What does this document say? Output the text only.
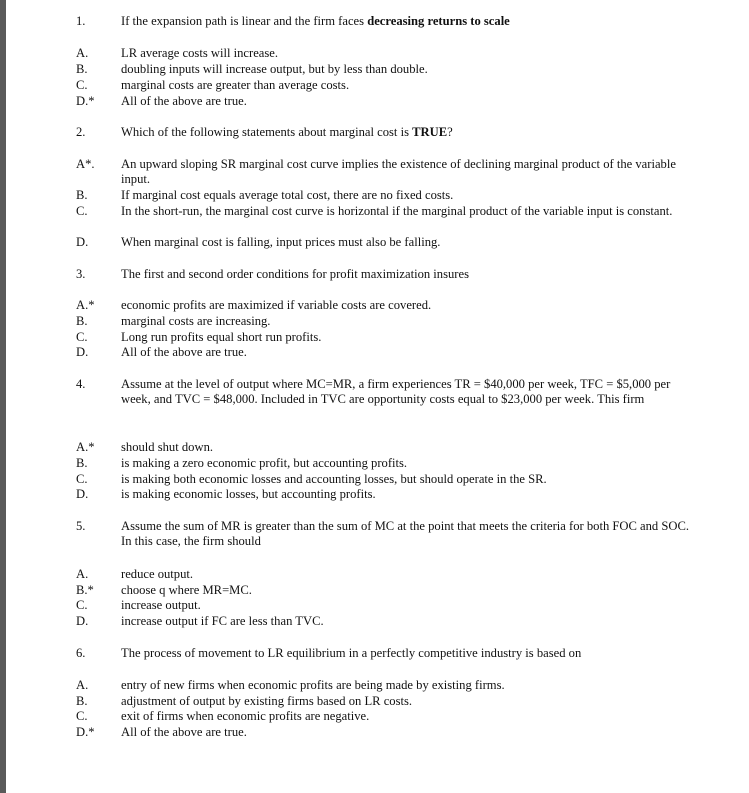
1.	If the expansion path is linear and the firm faces decreasing returns to scale
A.	LR average costs will increase.
B.	doubling inputs will increase output, but by less than double.
C.	marginal costs are greater than average costs.
D.* All of the above are true.
2.	Which of the following statements about marginal cost is TRUE?
A*. An upward sloping SR marginal cost curve implies the existence of declining marginal product of the variable input.
B.	If marginal cost equals average total cost, there are no fixed costs.
C.	In the short-run, the marginal cost curve is horizontal if the marginal product of the variable input is constant.
D.	When marginal cost is falling, input prices must also be falling.
3.	The first and second order conditions for profit maximization insures
A.* economic profits are maximized if variable costs are covered.
B.	marginal costs are increasing.
C.	Long run profits equal short run profits.
D.	All of the above are true.
4.	Assume at the level of output where MC=MR, a firm experiences TR = $40,000 per week, TFC = $5,000 per week, and TVC = $48,000. Included in TVC are opportunity costs equal to $23,000 per week. This firm
A.* should shut down.
B.	is making a zero economic profit, but accounting profits.
C.	is making both economic losses and accounting losses, but should operate in the SR.
D.	is making economic losses, but accounting profits.
5.	Assume the sum of MR is greater than the sum of MC at the point that meets the criteria for both FOC and SOC. In this case, the firm should
A.	reduce output.
B.* choose q where MR=MC.
C.	increase output.
D.	increase output if FC are less than TVC.
6.	The process of movement to LR equilibrium in a perfectly competitive industry is based on
A.	entry of new firms when economic profits are being made by existing firms.
B.	adjustment of output by existing firms based on LR costs.
C.	exit of firms when economic profits are negative.
D.* All of the above are true.
